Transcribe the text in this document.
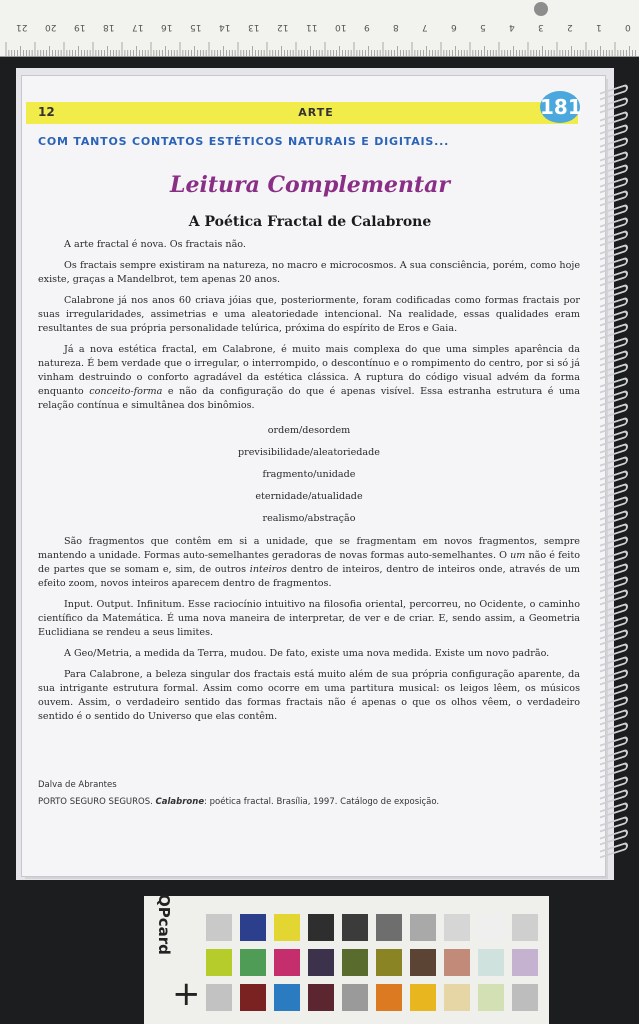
21 20 19 18 17 16 15 14 13 12 11 10 9	8	7	6	5	4	3	2	1	0
12	ARTE	181
COM TANTOS CONTATOS ESTÉTICOS NATURAIS E DIGITAIS...
Leitura Complementar
A Poética Fractal de Calabrone

A arte fractal é nova. Os fractais não.

Os fractais sempre existiram na natureza, no macro e microcosmos. A sua consciência, porém, como hoje existe, graças a Mandelbrot, tem apenas 20 anos.

Calabrone já nos anos 60 criava jóias que, posteriormente, foram codificadas como formas fractais por suas irregularidades, assimetrias e uma aleatoriedade intencional. Na realidade, essas qualidades eram resultantes de sua própria personalidade telúrica, próxima do espírito de Eros e Gaia.

Já a nova estética fractal, em Calabrone, é muito mais complexa do que uma simples aparência da natureza. É bem verdade que o irregular, o interrompido, o descontínuo e o rompimento do centro, por si só já vinham destruindo o conforto agradável da estética clássica. A ruptura do código visual advém da forma enquanto conceito-forma e não da configuração do que é apenas visível. Essa estranha estrutura é uma relação contínua e simultânea dos binômios.

ordem/desordem
previsibilidade/aleatoriedade
fragmento/unidade
eternidade/atualidade
realismo/abstração

São fragmentos que contêm em si a unidade, que se fragmentam em novos fragmentos, sempre mantendo a unidade. Formas auto-semelhantes geradoras de novas formas auto-semelhantes. O um não é feito de partes que se somam e, sim, de outros inteiros dentro de inteiros, dentro de inteiros onde, através de um efeito zoom, novos inteiros aparecem dentro de fragmentos.

Input. Output. Infinitum. Esse raciocínio intuitivo na filosofia oriental, percorreu, no Ocidente, o caminho científico da Matemática. É uma nova maneira de interpretar, de ver e de criar. E, sendo assim, a Geometria Euclidiana se rendeu a seus limites.

A Geo/Metria, a medida da Terra, mudou. De fato, existe uma nova medida. Existe um novo padrão.

Para Calabrone, a beleza singular dos fractais está muito além de sua própria configuração aparente, da sua intrigante estrutura formal. Assim como ocorre em uma partitura musical: os leigos lêem, os músicos ouvem. Assim, o verdadeiro sentido das formas fractais não é apenas o que os olhos vêem, o verdadeiro sentido é o sentido do Universo que elas contêm.

Dalva de Abrantes
PORTO SEGURO SEGUROS. Calabrone: poética fractal. Brasília, 1997. Catálogo de exposição.
QPcard
+
